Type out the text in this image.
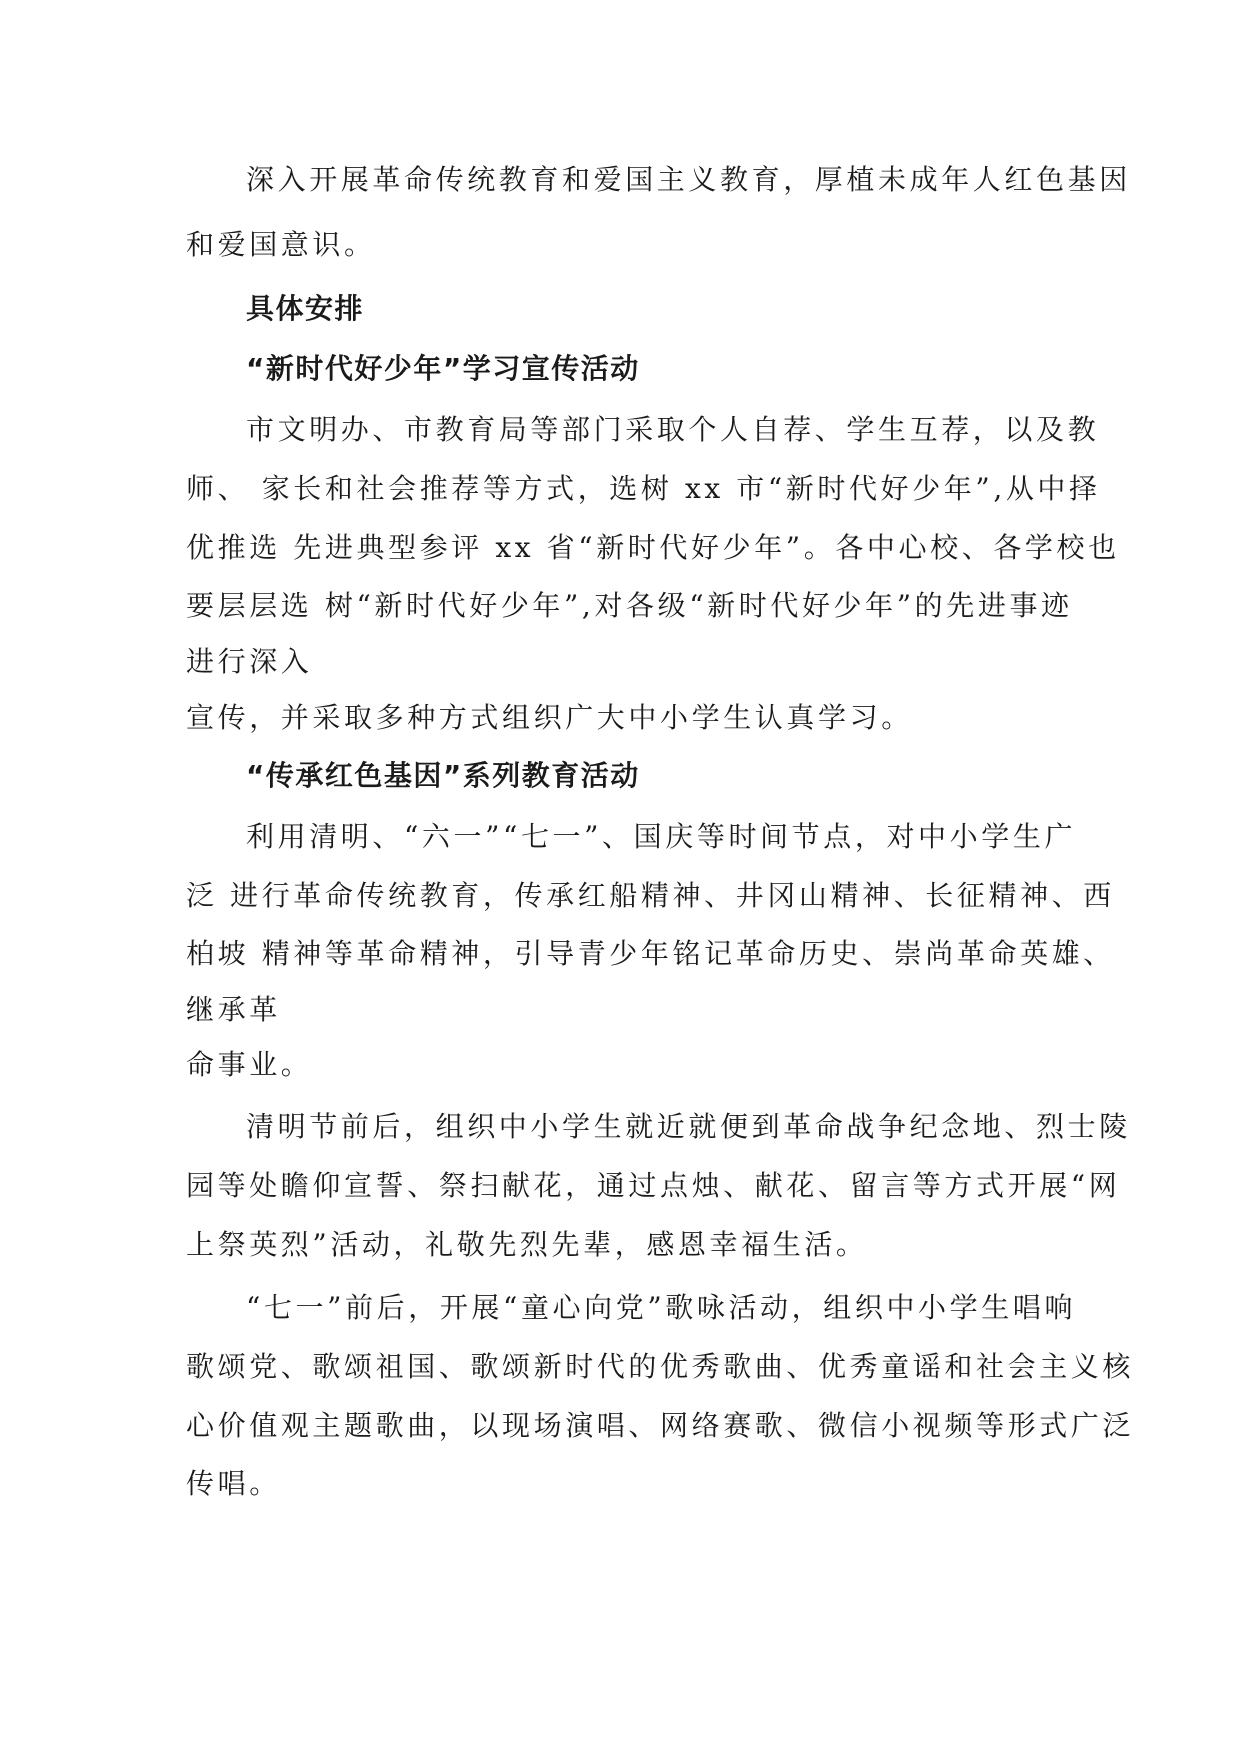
深入开展革命传统教育和爱国主义教育，厚植未成年人红色基因
和爱国意识。
具体安排
“新时代好少年”学习宣传活动
市文明办、市教育局等部门采取个人自荐、学生互荐，以及教
师、 家长和社会推荐等方式，选树 xx 市“新时代好少年”,从中择
优推选 先进典型参评 xx 省“新时代好少年”。各中心校、各学校也
要层层选 树“新时代好少年”,对各级“新时代好少年”的先进事迹
进行深入
宣传，并采取多种方式组织广大中小学生认真学习。
“传承红色基因”系列教育活动
利用清明、“六一”“七一”、国庆等时间节点，对中小学生广
泛 进行革命传统教育，传承红船精神、井冈山精神、长征精神、西
柏坡 精神等革命精神，引导青少年铭记革命历史、崇尚革命英雄、
继承革
命事业。
清明节前后，组织中小学生就近就便到革命战争纪念地、烈士陵
园等处瞻仰宣誓、祭扫献花，通过点烛、献花、留言等方式开展“网
上祭英烈”活动，礼敬先烈先辈，感恩幸福生活。
“七一”前后，开展“童心向党”歌咏活动，组织中小学生唱响
歌颂党、歌颂祖国、歌颂新时代的优秀歌曲、优秀童谣和社会主义核
心价值观主题歌曲，以现场演唱、网络赛歌、微信小视频等形式广泛
传唱。
